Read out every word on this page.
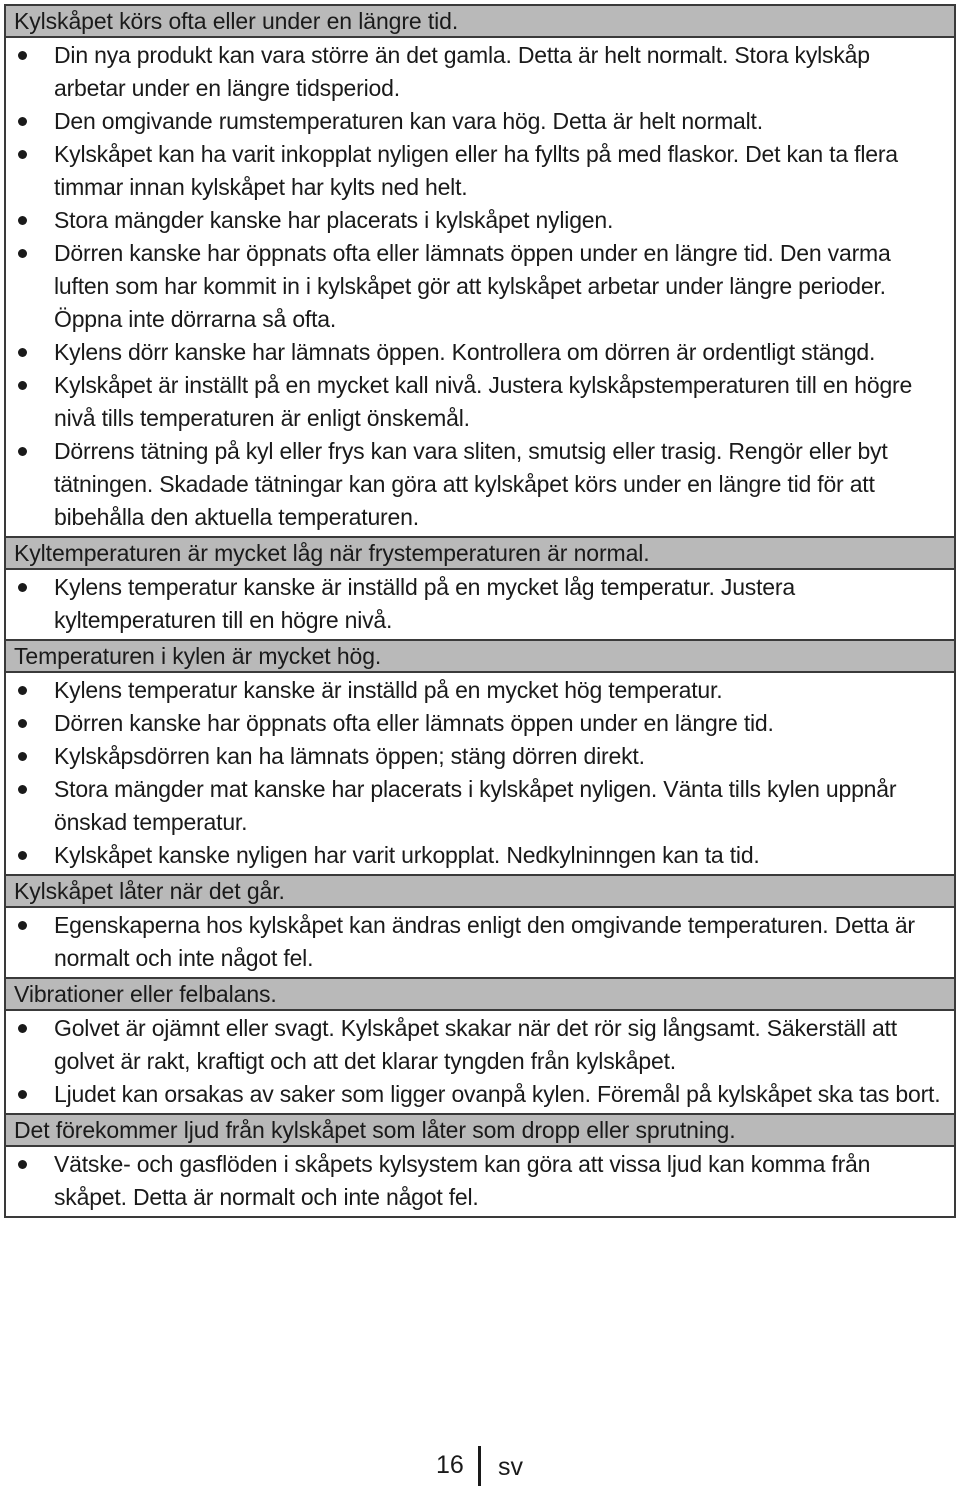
Kylskåpet körs ofta eller under en längre tid.
Din nya produkt kan vara större än det gamla. Detta är helt normalt. Stora kylskåp arbetar under en längre tidsperiod.
Den omgivande rumstemperaturen kan vara hög. Detta är helt normalt.
Kylskåpet kan ha varit inkopplat nyligen eller ha fyllts på med flaskor. Det kan ta flera timmar innan kylskåpet har kylts ned helt.
Stora mängder kanske har placerats i kylskåpet nyligen.
Dörren kanske har öppnats ofta eller lämnats öppen under en längre tid. Den varma luften som har kommit in i kylskåpet gör att kylskåpet arbetar under längre perioder. Öppna inte dörrarna så ofta.
Kylens dörr kanske har lämnats öppen. Kontrollera om dörren är ordentligt stängd.
Kylskåpet är inställt på en mycket kall nivå. Justera kylskåpstemperaturen till en högre nivå tills temperaturen är enligt önskemål.
Dörrens tätning på kyl eller frys kan vara sliten, smutsig eller trasig. Rengör eller byt tätningen. Skadade tätningar kan göra att kylskåpet körs under en längre tid för att bibehålla den aktuella temperaturen.
Kyltemperaturen är mycket låg när frystemperaturen är normal.
Kylens temperatur kanske är inställd på en mycket låg temperatur. Justera kyltemperaturen till en högre nivå.
Temperaturen i kylen är mycket hög.
Kylens temperatur kanske är inställd på en mycket hög temperatur.
Dörren kanske har öppnats ofta eller lämnats öppen under en längre tid.
Kylskåpsdörren kan ha lämnats öppen; stäng dörren direkt.
Stora mängder mat kanske har placerats i kylskåpet nyligen. Vänta tills kylen uppnår önskad temperatur.
Kylskåpet kanske nyligen har varit urkopplat. Nedkylninngen kan ta tid.
Kylskåpet låter när det går.
Egenskaperna hos kylskåpet kan ändras enligt den omgivande temperaturen. Detta är normalt och inte något fel.
Vibrationer eller felbalans.
Golvet är ojämnt eller svagt. Kylskåpet skakar när det rör sig långsamt. Säkerställ att golvet är rakt, kraftigt och att det klarar tyngden från kylskåpet.
Ljudet kan orsakas av saker som ligger ovanpå kylen. Föremål på kylskåpet ska tas bort.
Det förekommer ljud från kylskåpet som låter som dropp eller sprutning.
Vätske- och gasflöden i skåpets kylsystem kan göra att vissa ljud kan komma från skåpet. Detta är normalt och inte något fel.
16 sv
